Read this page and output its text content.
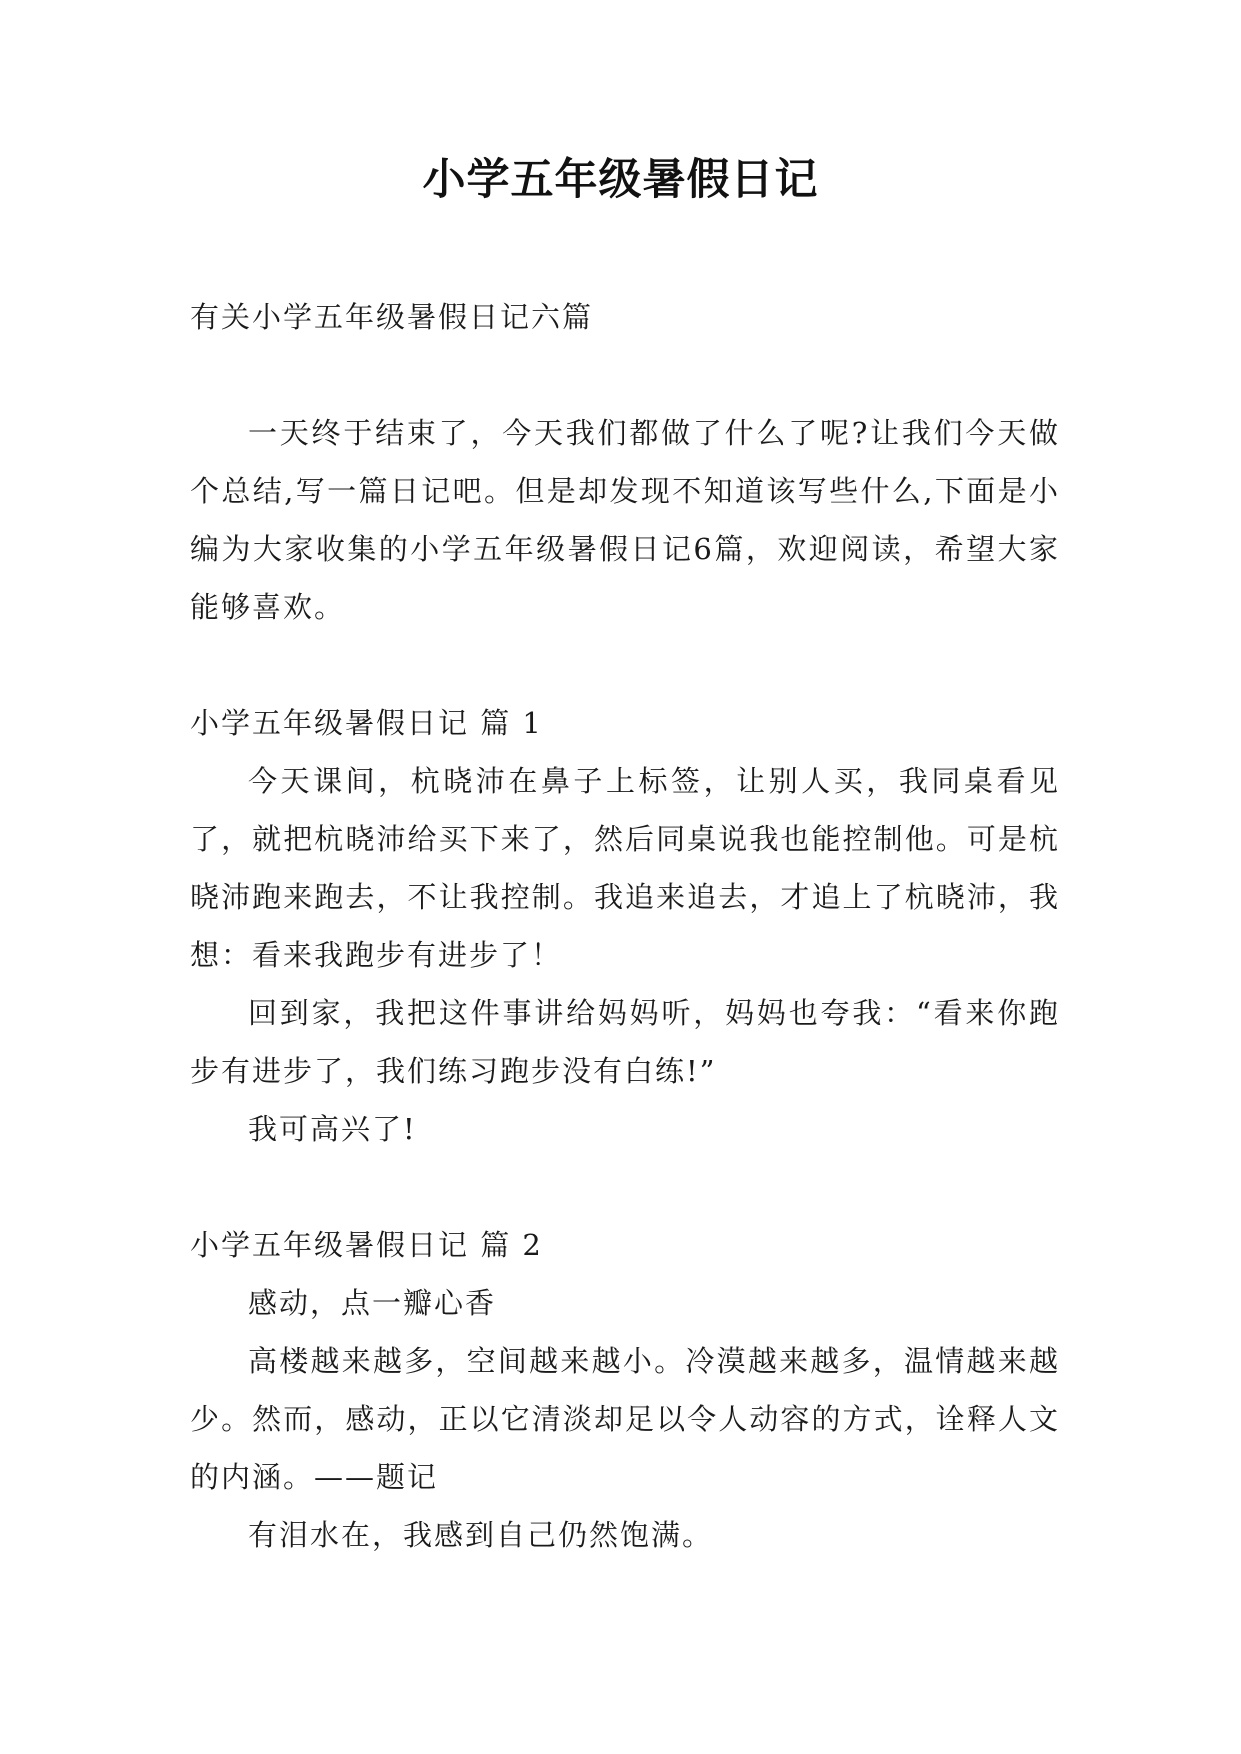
小学五年级暑假日记

有关小学五年级暑假日记六篇

一天终于结束了，今天我们都做了什么了呢?让我们今天做个总结,写一篇日记吧。但是却发现不知道该写些什么,下面是小编为大家收集的小学五年级暑假日记6篇，欢迎阅读，希望大家能够喜欢。

小学五年级暑假日记 篇 1

今天课间，杭晓沛在鼻子上标签，让别人买，我同桌看见了，就把杭晓沛给买下来了，然后同桌说我也能控制他。可是杭晓沛跑来跑去，不让我控制。我追来追去，才追上了杭晓沛，我想：看来我跑步有进步了！

回到家，我把这件事讲给妈妈听，妈妈也夸我：“看来你跑步有进步了，我们练习跑步没有白练!”

我可高兴了!

小学五年级暑假日记 篇 2

感动，点一瓣心香

高楼越来越多，空间越来越小。冷漠越来越多，温情越来越少。然而，感动，正以它清淡却足以令人动容的方式，诠释人文的内涵。——题记

有泪水在，我感到自己仍然饱满。
